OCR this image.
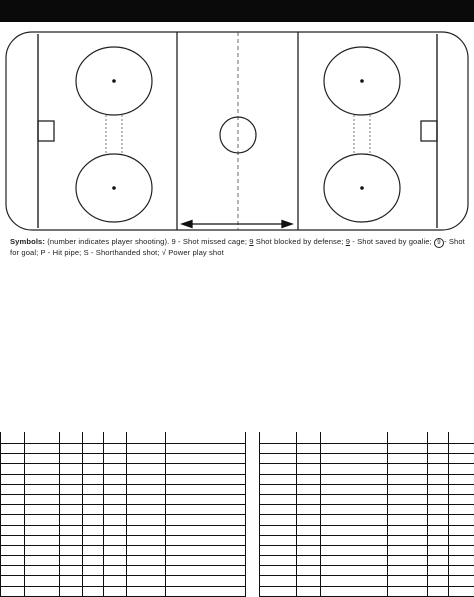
Symbols: (number indicates player shooting). 9 - Shot missed cage; 9 Shot blocked by defense; 9 - Shot saved by goalie; 9 - Shot for goal; P - Hit pipe; S - Shorthanded shot; √ Power play shot
